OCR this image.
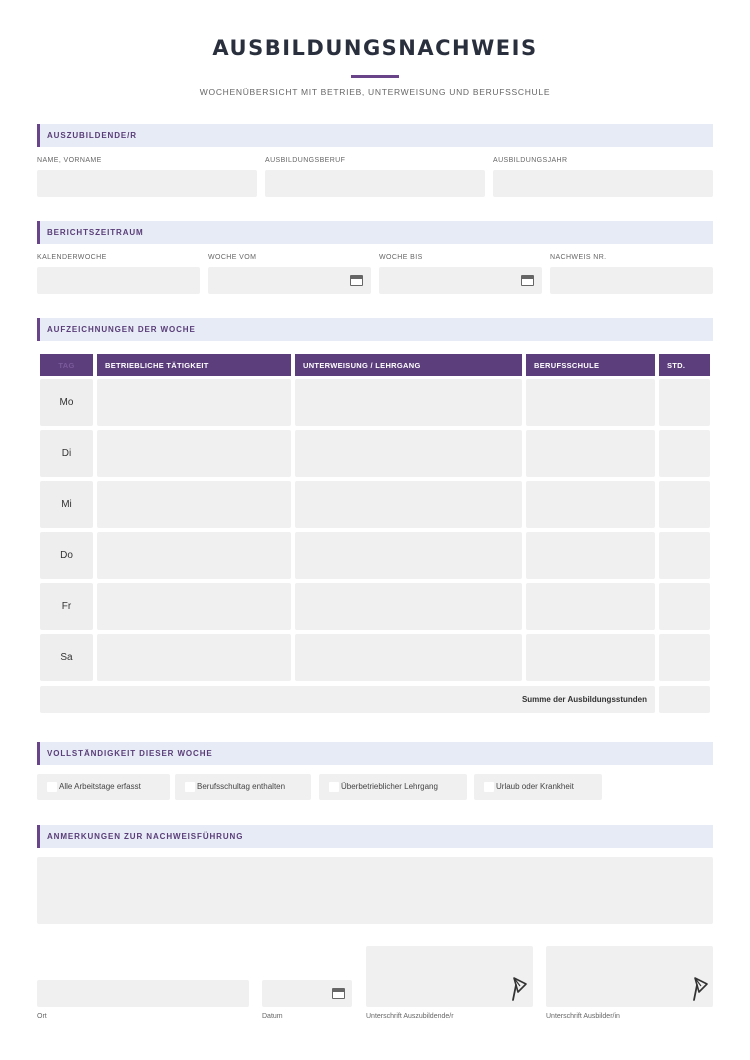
AUSBILDUNGSNACHWEIS
WOCHENÜBERSICHT MIT BETRIEB, UNTERWEISUNG UND BERUFSSCHULE
AUSZUBILDENDE/R
NAME, VORNAME	AUSBILDUNGSBERUF	AUSBILDUNGSJAHR
BERICHTSZEITRAUM
KALENDERWOCHE	WOCHE VOM	WOCHE BIS	NACHWEIS NR.
AUFZEICHNUNGEN DER WOCHE
TAG	BETRIEBLICHE TÄTIGKEIT	UNTERWEISUNG / LEHRGANG	BERUFSSCHULE	STD.
Mo
Di
Mi
Do
Fr
Sa
Summe der Ausbildungsstunden
VOLLSTÄNDIGKEIT DIESER WOCHE
Alle Arbeitstage erfasst	Berufsschultag enthalten	Überbetrieblicher Lehrgang	Urlaub oder Krankheit
ANMERKUNGEN ZUR NACHWEISFÜHRUNG
Ort	Datum	Unterschrift Auszubildende/r	Unterschrift Ausbilder/in
